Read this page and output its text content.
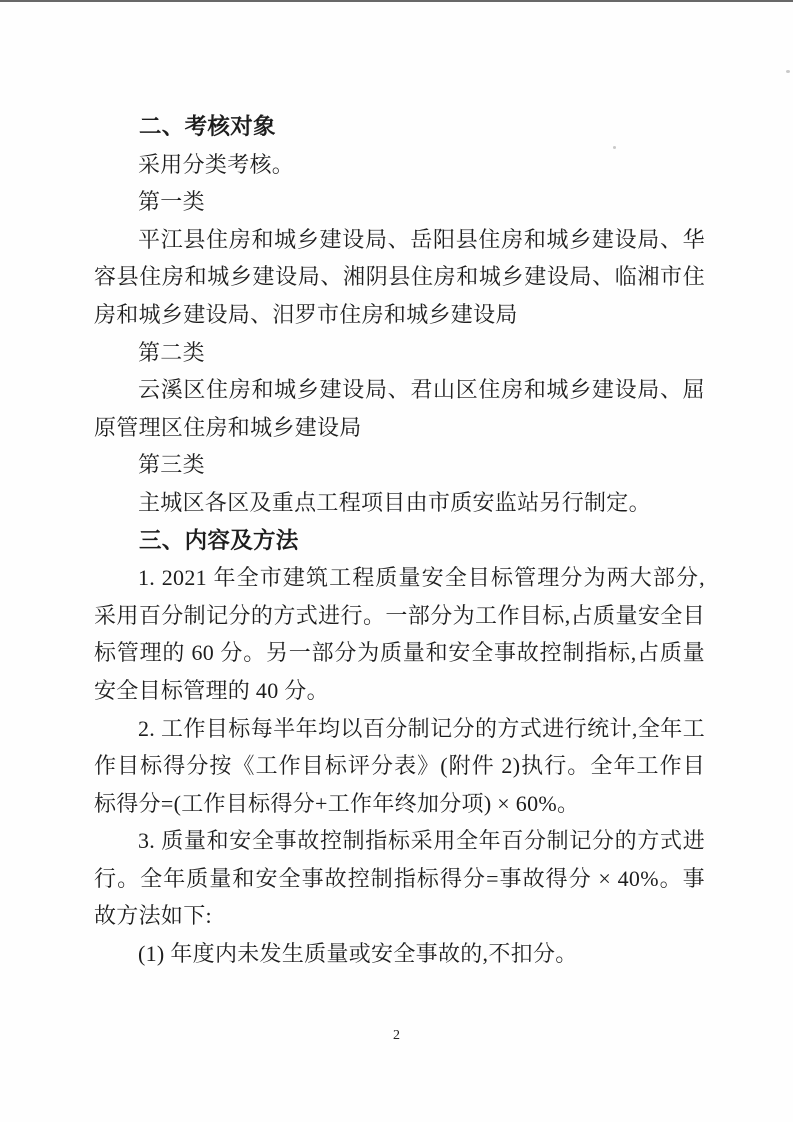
二、考核对象

采用分类考核。

第一类

平江县住房和城乡建设局、岳阳县住房和城乡建设局、华容县住房和城乡建设局、湘阴县住房和城乡建设局、临湘市住房和城乡建设局、汨罗市住房和城乡建设局

第二类

云溪区住房和城乡建设局、君山区住房和城乡建设局、屈原管理区住房和城乡建设局

第三类

主城区各区及重点工程项目由市质安监站另行制定。

三、内容及方法

1. 2021 年全市建筑工程质量安全目标管理分为两大部分,采用百分制记分的方式进行。一部分为工作目标,占质量安全目标管理的 60 分。另一部分为质量和安全事故控制指标,占质量安全目标管理的 40 分。

2. 工作目标每半年均以百分制记分的方式进行统计,全年工作目标得分按《工作目标评分表》(附件 2)执行。全年工作目标得分=(工作目标得分+工作年终加分项) × 60%。

3. 质量和安全事故控制指标采用全年百分制记分的方式进行。全年质量和安全事故控制指标得分=事故得分 × 40%。事故方法如下:

(1) 年度内未发生质量或安全事故的,不扣分。

2
